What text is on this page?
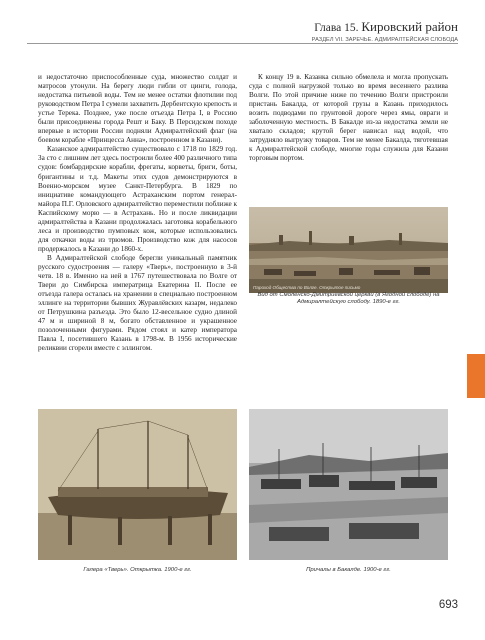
Глава 15. Кировский район
РАЗДЕЛ VII. ЗАРЕЧЬЕ. АДМИРАЛТЕЙСКАЯ СЛОБОДА

и недостаточно приспособленные суда, множество солдат и матросов утонули. На берегу люди гибли от цинги, голода, недостатка питьевой воды. Тем не менее остатки флотилии под руководством Петра I сумели захватить Дербентскую крепость и устье Терека. Позднее, уже после отъезда Петра I, в Россию были присоединены города Решт и Баку. В Персидском походе впервые в истории России подняли Адмиралтейский флаг (на боевом корабле «Принцесса Анна», построенном в Казани).

Казанское адмиралтейство существовало с 1718 по 1829 год. За сто с лишним лет здесь построили более 400 различного типа судов: бомбардирские корабли, фрегаты, корветы, бриги, боты, бригантины и т.д. Макеты этих судов демонстрируются в Военно-морском музее Санкт-Петербурга. В 1829 по инициативе командующего Астраханским портом генерал-майора П.Г. Орловского адмиралтейство переместили поближе к Каспийскому морю — в Астрахань. Но и после ликвидации адмиралтейства в Казани продолжалась заготовка корабельного леса и производство пумповых кож, которые использовались для откачки воды из трюмов. Производство кож для насосов продержалось в Казани до 1860-х.

В Адмиралтейской слободе берегли уникальный памятник русского судостроения — галеру «Тверь», построенную в 3-й четв. 18 в. Именно на ней в 1767 путешествовала по Волге от Твери до Симбирска императрица Екатерина II. После ее отъезда галера осталась на хранении в специально построенном эллинге на территории бывших Журавлёвских казарм, недалеко от Петрушкина разъезда. Это было 12-весельное судно длиной 47 м и шириной 8 м, богато обставленное и украшенное позолоченными фигурами. Рядом стоял и катер императора Павла I, посетившего Казань в 1798-м. В 1956 исторические реликвии сгорели вместе с эллингом.

К концу 19 в. Казанка сильно обмелела и могла пропускать суда с полной нагрузкой только во время весеннего разлива Волги. По этой причине ниже по течению Волги пристроили пристань Бакалда, от которой грузы в Казань приходилось возить подводами по грунтовой дороге через ямы, овраги и заболоченную местность. В Бакалде из-за недостатка земли не хватало складов; крутой берег нависал над водой, что затрудняло выгрузку товаров. Тем не менее Бакалда, тяготевшая к Адмиралтейской слободе, многие годы служила для Казани торговым портом.

Пароход Общества по Волге. Открытое письмо
Вид от Смоленско-Дмитриевской церкви (в Ягодной слободе) на Адмиралтейскую слободу. 1890-е гг.
Галера «Тверь». Открытка. 1900-е гг.	Причалы в Бакалде. 1900-е гг.
693
